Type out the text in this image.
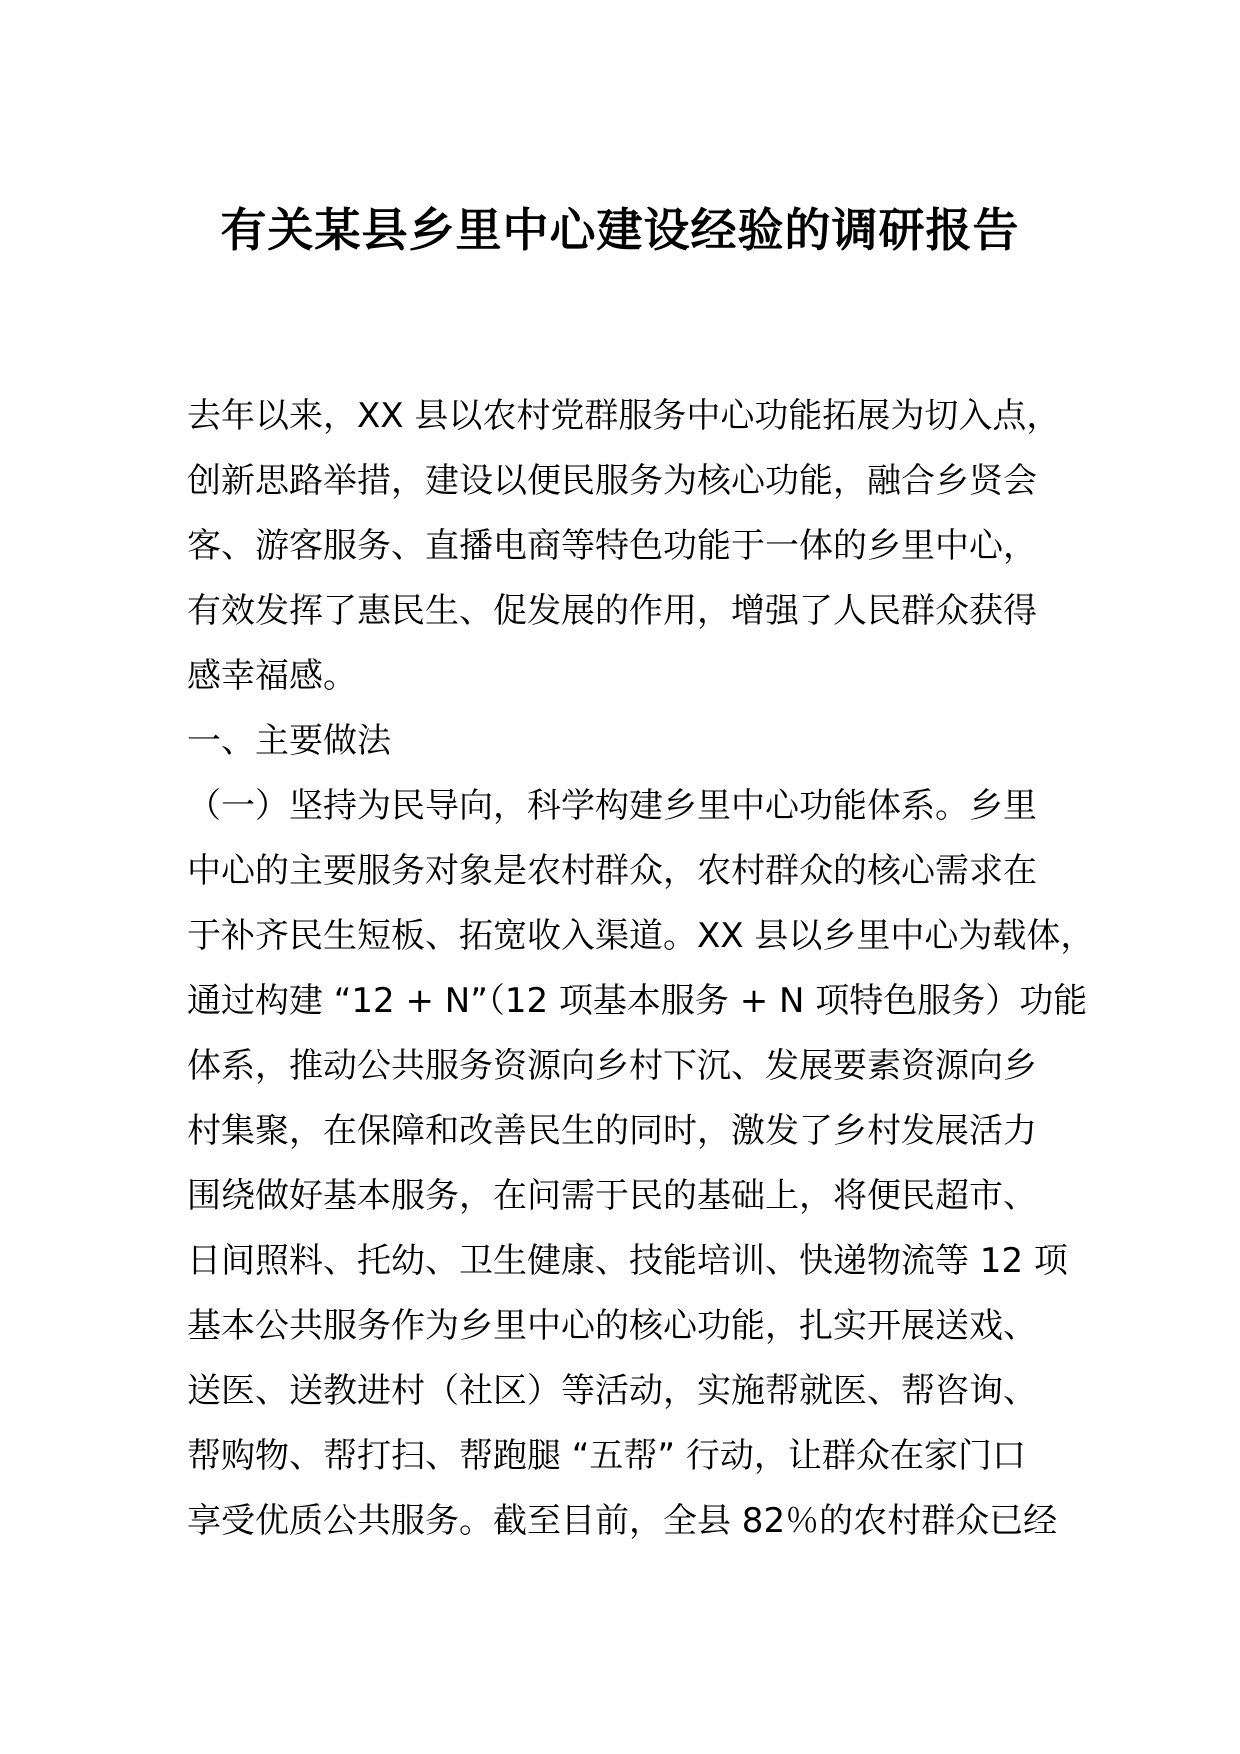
有关某县乡里中心建设经验的调研报告

去年以来，XX 县以农村党群服务中心功能拓展为切入点，

创新思路举措，建设以便民服务为核心功能，融合乡贤会

客、游客服务、直播电商等特色功能于一体的乡里中心，

有效发挥了惠民生、促发展的作用，增强了人民群众获得

感幸福感。

一、主要做法

（一）坚持为民导向，科学构建乡里中心功能体系。乡里

中心的主要服务对象是农村群众，农村群众的核心需求在

于补齐民生短板、拓宽收入渠道。XX 县以乡里中心为载体，

通过构建 “12 + N”（12 项基本服务 + N 项特色服务）功能

体系，推动公共服务资源向乡村下沉、发展要素资源向乡

村集聚，在保障和改善民生的同时，激发了乡村发展活力

围绕做好基本服务，在问需于民的基础上，将便民超市、

日间照料、托幼、卫生健康、技能培训、快递物流等 12 项

基本公共服务作为乡里中心的核心功能，扎实开展送戏、

送医、送教进村（社区）等活动，实施帮就医、帮咨询、

帮购物、帮打扫、帮跑腿 “五帮” 行动，让群众在家门口

享受优质公共服务。截至目前，全县 82％的农村群众已经
